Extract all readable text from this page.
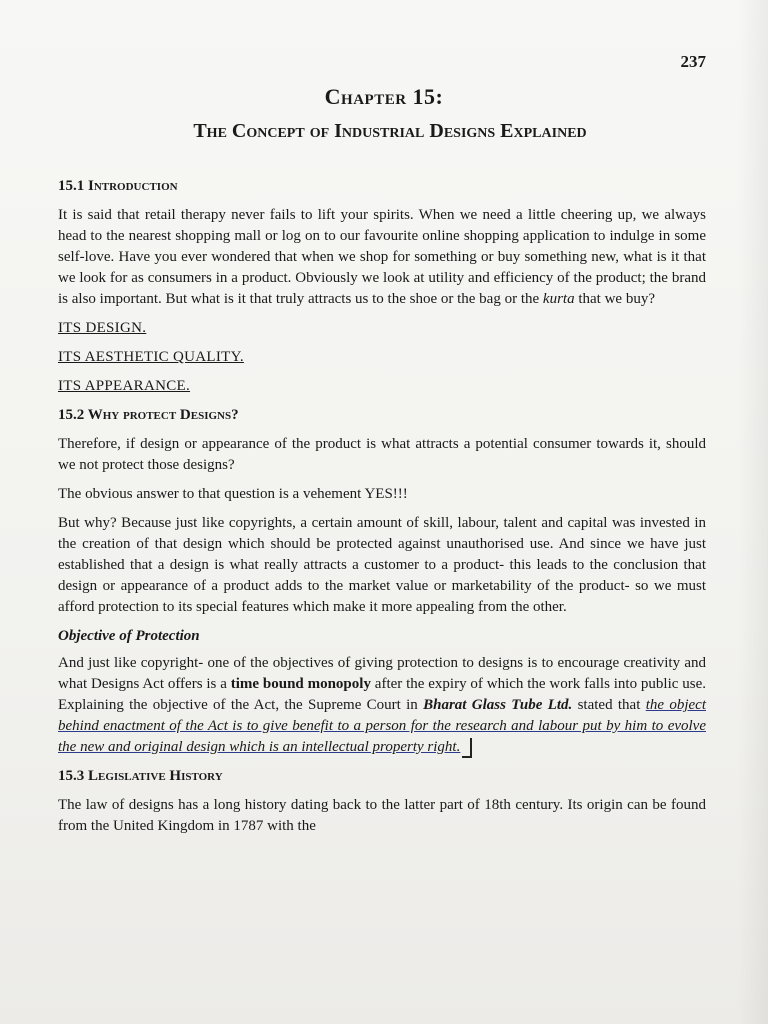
237
Chapter 15:
The Concept of Industrial Designs Explained
15.1 Introduction

It is said that retail therapy never fails to lift your spirits. When we need a little cheering up, we always head to the nearest shopping mall or log on to our favourite online shopping application to indulge in some self-love. Have you ever wondered that when we shop for something or buy something new, what is it that we look for as consumers in a product. Obviously we look at utility and efficiency of the product; the brand is also important. But what is it that truly attracts us to the shoe or the bag or the kurta that we buy?

ITS DESIGN.
ITS AESTHETIC QUALITY.
ITS APPEARANCE.
15.2 Why protect Designs?

Therefore, if design or appearance of the product is what attracts a potential consumer towards it, should we not protect those designs?

The obvious answer to that question is a vehement YES!!!

But why? Because just like copyrights, a certain amount of skill, labour, talent and capital was invested in the creation of that design which should be protected against unauthorised use. And since we have just established that a design is what really attracts a customer to a product- this leads to the conclusion that design or appearance of a product adds to the market value or marketability of the product- so we must afford protection to its special features which make it more appealing from the other.

Objective of Protection

And just like copyright- one of the objectives of giving protection to designs is to encourage creativity and what Designs Act offers is a time bound monopoly after the expiry of which the work falls into public use. Explaining the objective of the Act, the Supreme Court in Bharat Glass Tube Ltd. stated that the object behind enactment of the Act is to give benefit to a person for the research and labour put by him to evolve the new and original design which is an intellectual property right.

15.3 Legislative History

The law of designs has a long history dating back to the latter part of 18th century. Its origin can be found from the United Kingdom in 1787 with the
